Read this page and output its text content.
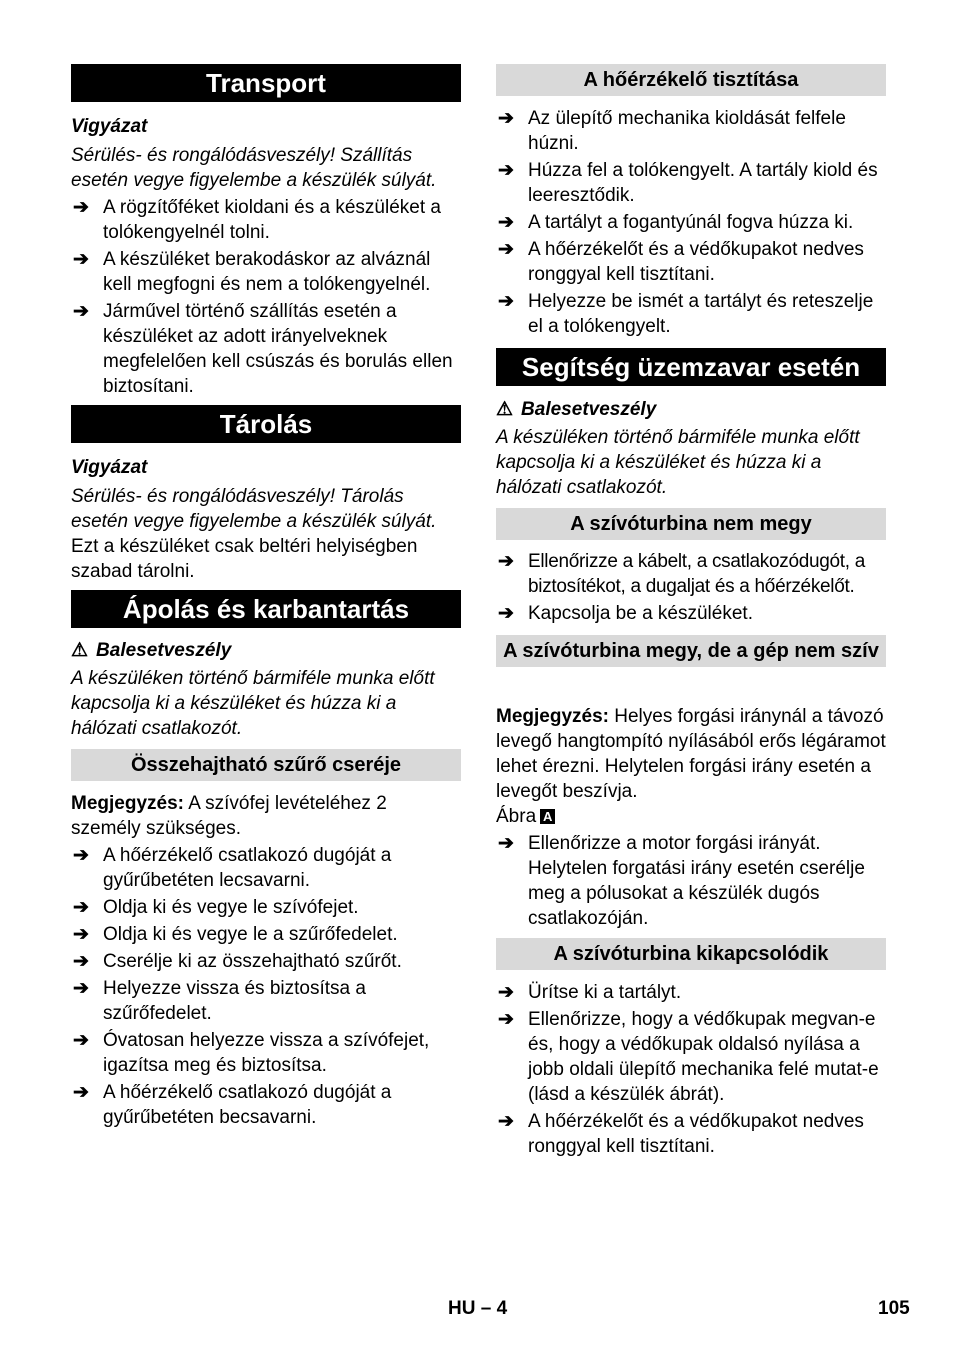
Transport

Vigyázat

Sérülés- és rongálódásveszély! Szállítás esetén vegye figyelembe a készülék súlyát.

➔ A rögzítőféket kioldani és a készüléket a tolókengyelnél tolni.
➔ A készüléket berakodáskor az alváznál kell megfogni és nem a tolókengyelnél.
➔ Járművel történő szállítás esetén a készüléket az adott irányelveknek megfelelően kell csúszás és borulás ellen biztosítani.
Tárolás

Vigyázat

Sérülés- és rongálódásveszély! Tárolás esetén vegye figyelembe a készülék súlyát.

Ezt a készüléket csak beltéri helyiségben szabad tárolni.

Ápolás és karbantartás

⚠ Balesetveszély

A készüléken történő bármiféle munka előtt kapcsolja ki a készüléket és húzza ki a hálózati csatlakozót.

Összehajtható szűrő cseréje

Megjegyzés: A szívófej levételéhez 2 személy szükséges.

➔ A hőérzékelő csatlakozó dugóját a gyűrűbetéten lecsavarni.
➔ Oldja ki és vegye le szívófejet.
➔ Oldja ki és vegye le a szűrőfedelet.
➔ Cserélje ki az összehajtható szűrőt.
➔ Helyezze vissza és biztosítsa a szűrőfedelet.
➔ Óvatosan helyezze vissza a szívófejet, igazítsa meg és biztosítsa.
➔ A hőérzékelő csatlakozó dugóját a gyűrűbetéten becsavarni.
A hőérzékelő tisztítása
➔ Az ülepítő mechanika kioldását felfele húzni.
➔ Húzza fel a tolókengyelt. A tartály kiold és leeresztődik.
➔ A tartályt a fogantyúnál fogva húzza ki.
➔ A hőérzékelőt és a védőkupakot nedves ronggyal kell tisztítani.
➔ Helyezze be ismét a tartályt és reteszelje el a tolókengyelt.
Segítség üzemzavar esetén

⚠ Balesetveszély

A készüléken történő bármiféle munka előtt kapcsolja ki a készüléket és húzza ki a hálózati csatlakozót.

A szívóturbina nem megy
➔ Ellenőrizze a kábelt, a csatlakozódugót, a biztosítékot, a dugaljat és a hőérzékelőt.
➔ Kapcsolja be a készüléket.
A szívóturbina megy, de a gép nem szív

Megjegyzés: Helyes forgási iránynál a távozó levegő hangtompító nyílásából erős légáramot lehet érezni. Helytelen forgási irány esetén a levegőt beszívja.

Ábra A

➔ Ellenőrizze a motor forgási irányát. Helytelen forgatási irány esetén cserélje meg a pólusokat a készülék dugós csatlakozóján.
A szívóturbina kikapcsolódik
➔ Ürítse ki a tartályt.
➔ Ellenőrizze, hogy a védőkupak megvan-e és, hogy a védőkupak oldalsó nyílása a jobb oldali ülepítő mechanika felé mutat-e (lásd a készülék ábrát).
➔ A hőérzékelőt és a védőkupakot nedves ronggyal kell tisztítani.
HU – 4	105
